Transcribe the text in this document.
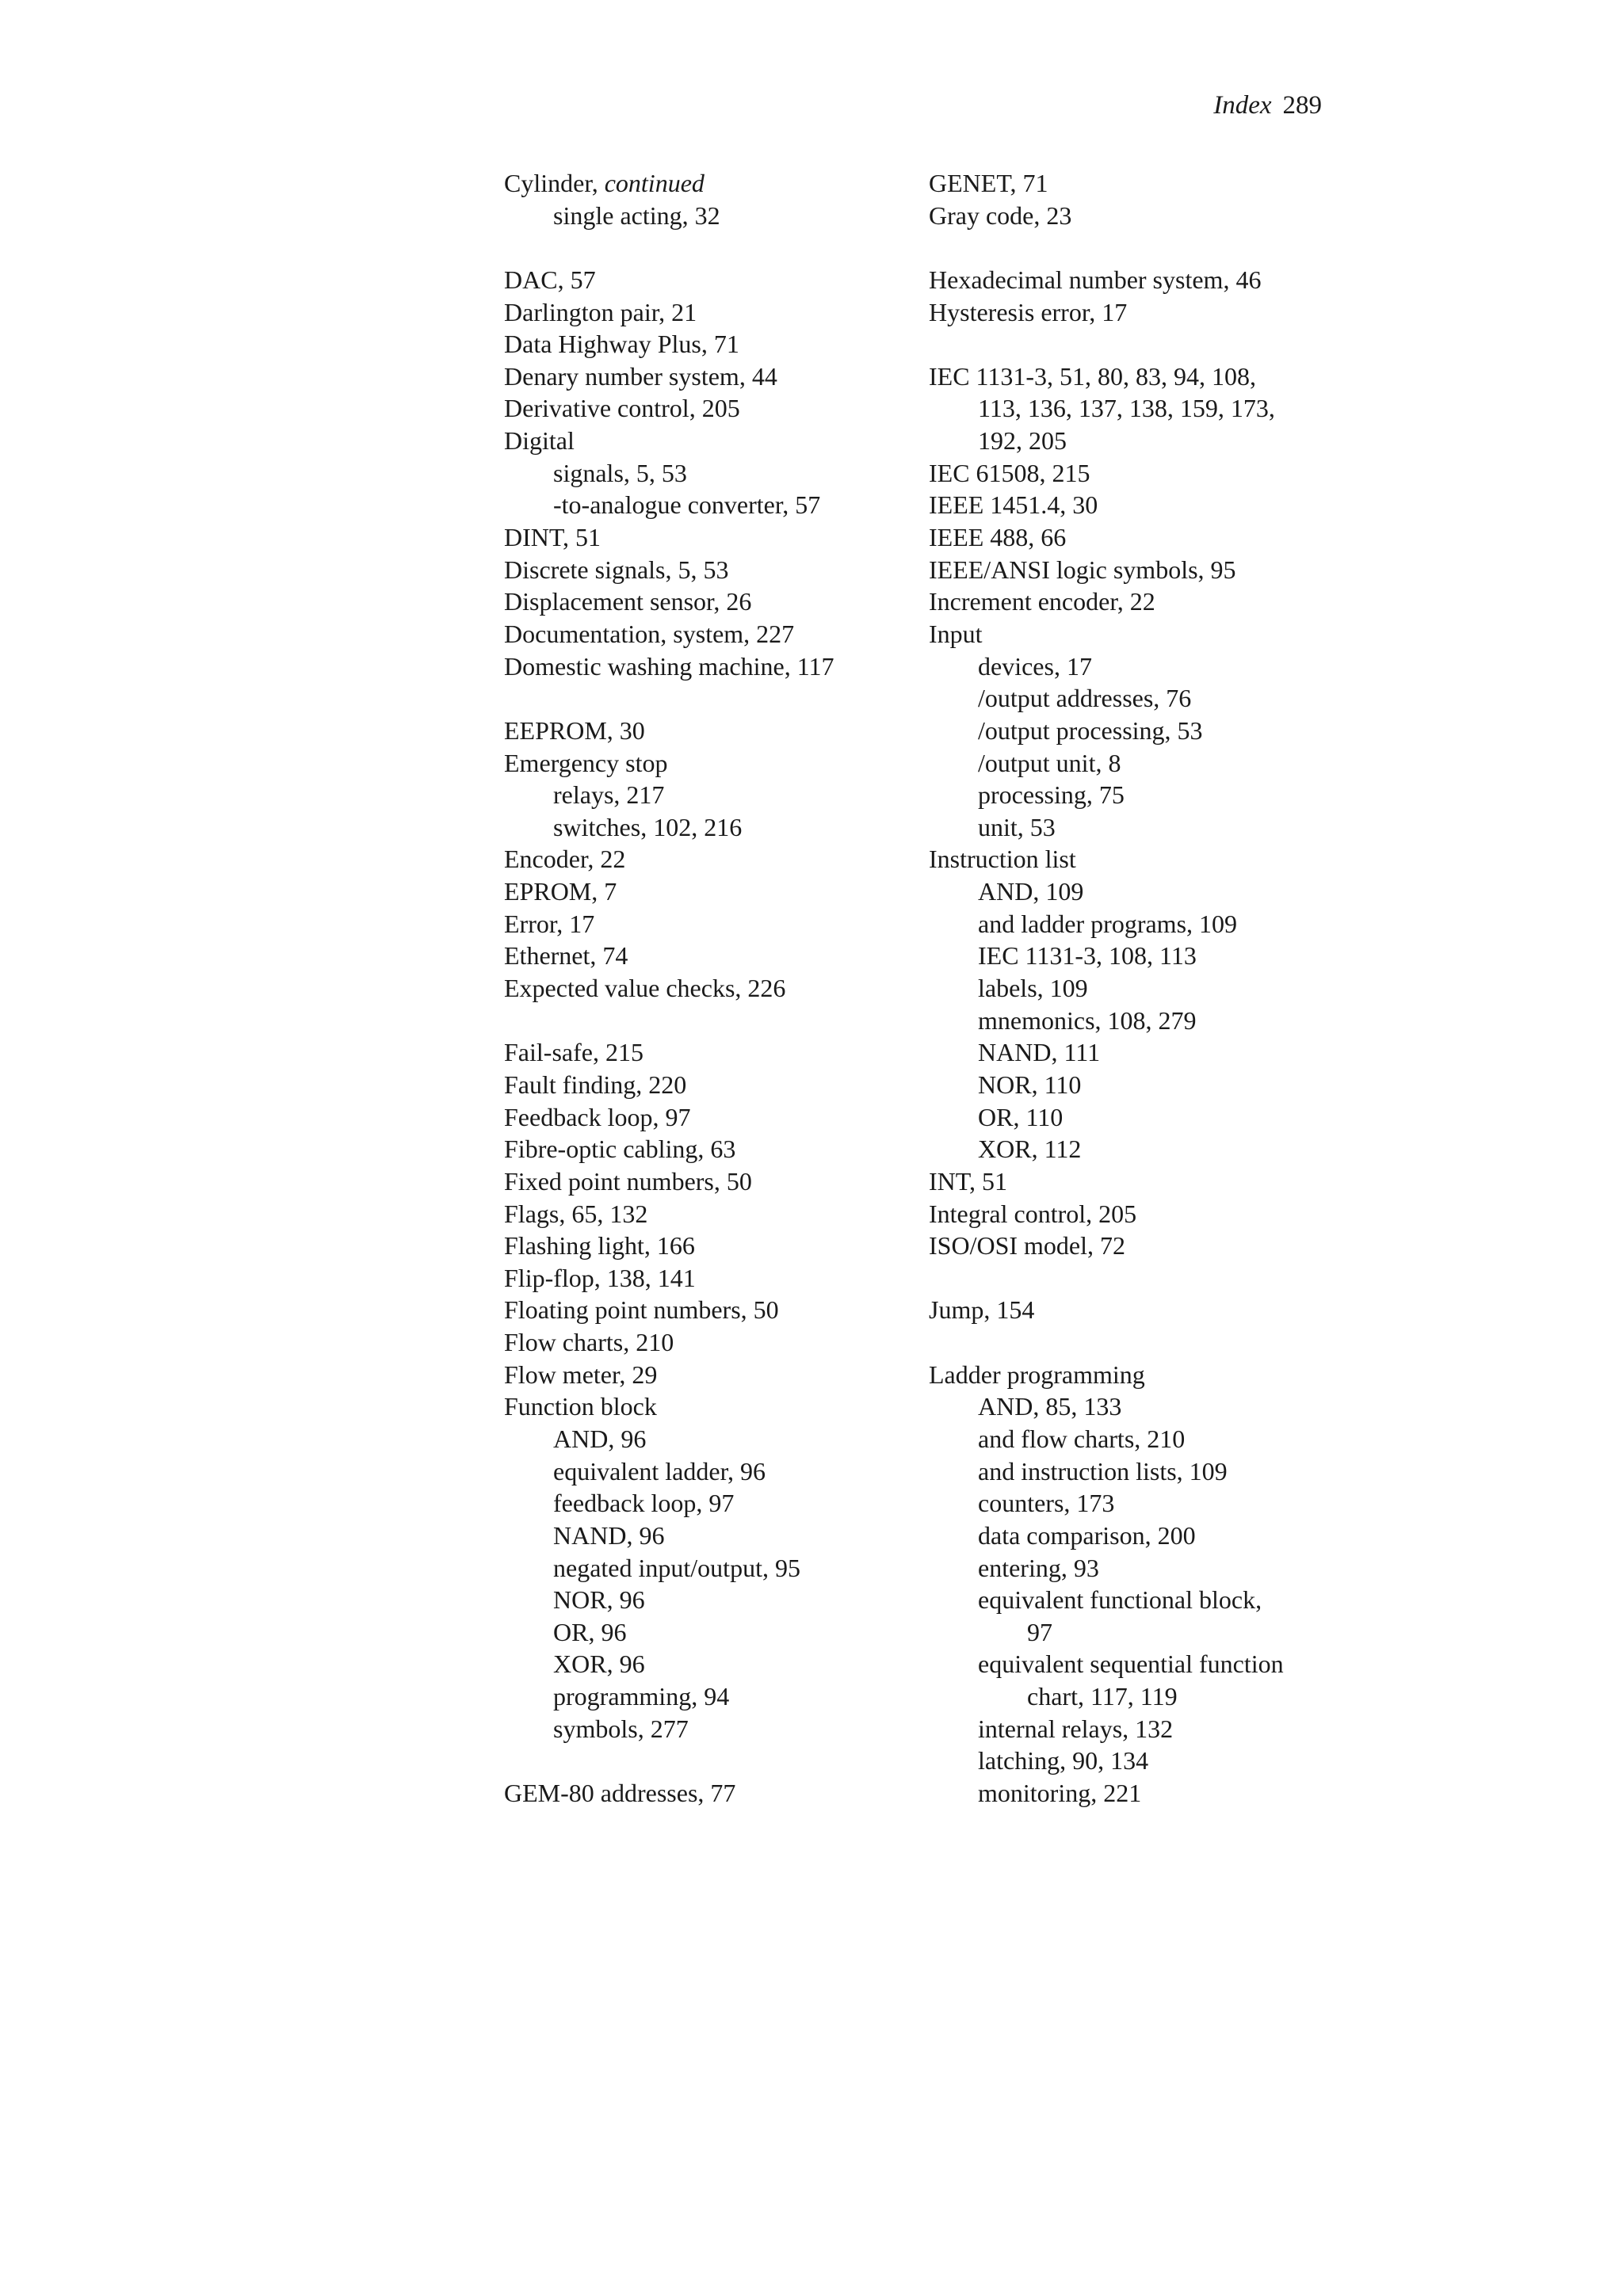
Index 289
Cylinder, continued
single acting, 32
DAC, 57
Darlington pair, 21
Data Highway Plus, 71
Denary number system, 44
Derivative control, 205
Digital
signals, 5, 53
-to-analogue converter, 57
DINT, 51
Discrete signals, 5, 53
Displacement sensor, 26
Documentation, system, 227
Domestic washing machine, 117
EEPROM, 30
Emergency stop
relays, 217
switches, 102, 216
Encoder, 22
EPROM, 7
Error, 17
Ethernet, 74
Expected value checks, 226
Fail-safe, 215
Fault finding, 220
Feedback loop, 97
Fibre-optic cabling, 63
Fixed point numbers, 50
Flags, 65, 132
Flashing light, 166
Flip-flop, 138, 141
Floating point numbers, 50
Flow charts, 210
Flow meter, 29
Function block
AND, 96
equivalent ladder, 96
feedback loop, 97
NAND, 96
negated input/output, 95
NOR, 96
OR, 96
XOR, 96
programming, 94
symbols, 277
GEM-80 addresses, 77
GENET, 71
Gray code, 23
Hexadecimal number system, 46
Hysteresis error, 17
IEC 1131-3, 51, 80, 83, 94, 108,
113, 136, 137, 138, 159, 173,
192, 205
IEC 61508, 215
IEEE 1451.4, 30
IEEE 488, 66
IEEE/ANSI logic symbols, 95
Increment encoder, 22
Input
devices, 17
/output addresses, 76
/output processing, 53
/output unit, 8
processing, 75
unit, 53
Instruction list
AND, 109
and ladder programs, 109
IEC 1131-3, 108, 113
labels, 109
mnemonics, 108, 279
NAND, 111
NOR, 110
OR, 110
XOR, 112
INT, 51
Integral control, 205
ISO/OSI model, 72
Jump, 154
Ladder programming
AND, 85, 133
and flow charts, 210
and instruction lists, 109
counters, 173
data comparison, 200
entering, 93
equivalent functional block,
97
equivalent sequential function
chart, 117, 119
internal relays, 132
latching, 90, 134
monitoring, 221
